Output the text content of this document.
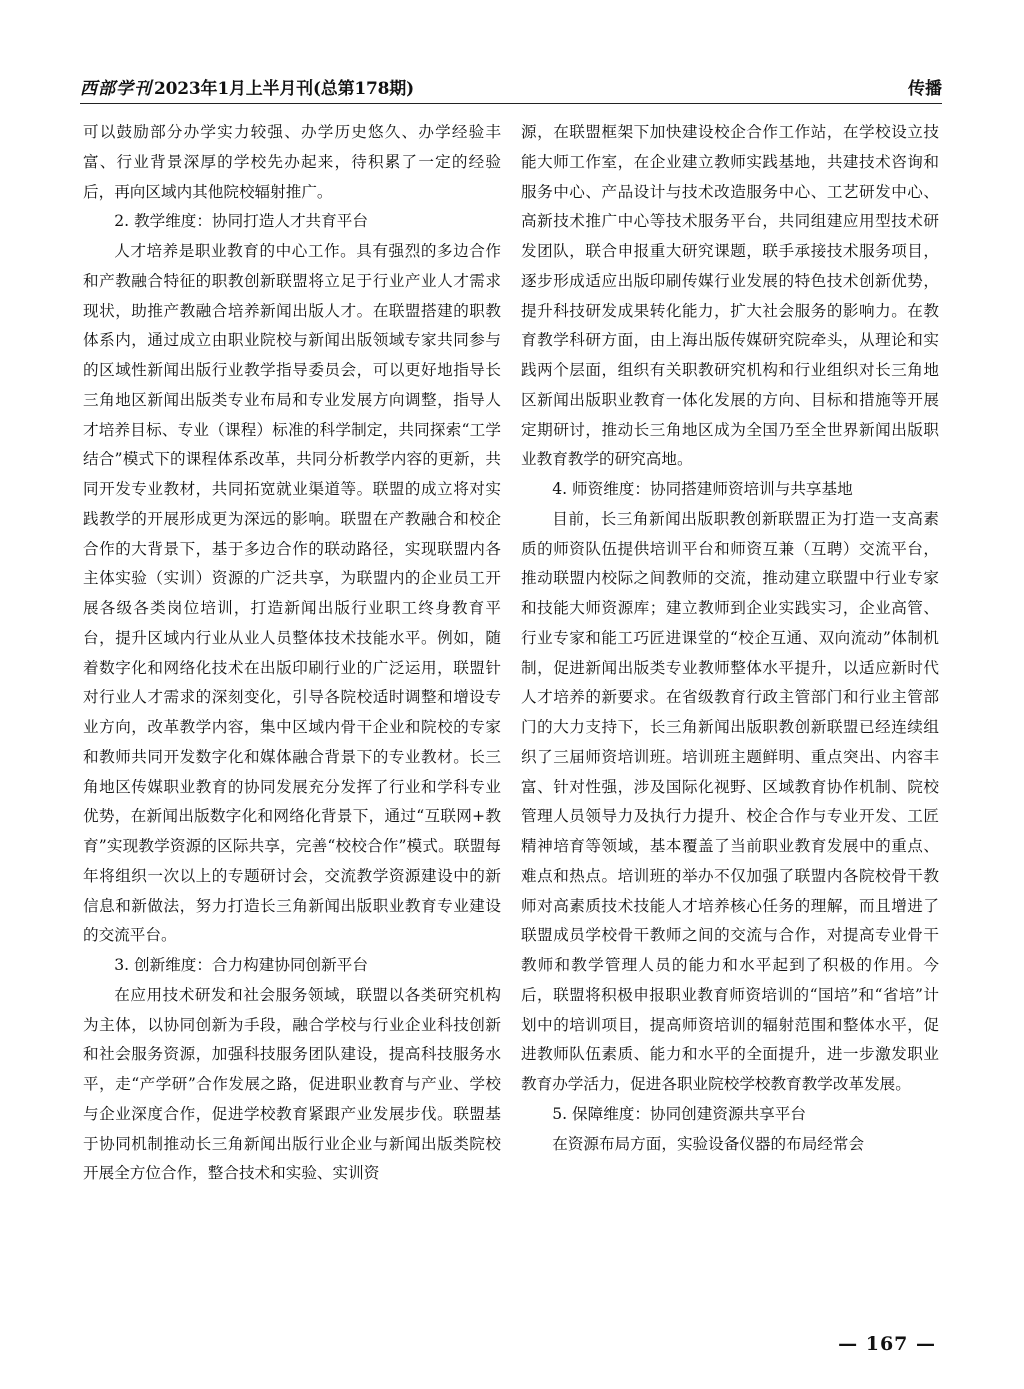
西部学刊 2023年1月上半月刊(总第178期)	传播

可以鼓励部分办学实力较强、办学历史悠久、办学经验丰富、行业背景深厚的学校先办起来，待积累了一定的经验后，再向区域内其他院校辐射推广。

2. 教学维度：协同打造人才共育平台

人才培养是职业教育的中心工作。具有强烈的多边合作和产教融合特征的职教创新联盟将立足于行业产业人才需求现状，助推产教融合培养新闻出版人才。在联盟搭建的职教体系内，通过成立由职业院校与新闻出版领域专家共同参与的区域性新闻出版行业教学指导委员会，可以更好地指导长三角地区新闻出版类专业布局和专业发展方向调整，指导人才培养目标、专业（课程）标准的科学制定，共同探索“工学结合”模式下的课程体系改革，共同分析教学内容的更新，共同开发专业教材，共同拓宽就业渠道等。联盟的成立将对实践教学的开展形成更为深远的影响。联盟在产教融合和校企合作的大背景下，基于多边合作的联动路径，实现联盟内各主体实验（实训）资源的广泛共享，为联盟内的企业员工开展各级各类岗位培训，打造新闻出版行业职工终身教育平台，提升区域内行业从业人员整体技术技能水平。例如，随着数字化和网络化技术在出版印刷行业的广泛运用，联盟针对行业人才需求的深刻变化，引导各院校适时调整和增设专业方向，改革教学内容，集中区域内骨干企业和院校的专家和教师共同开发数字化和媒体融合背景下的专业教材。长三角地区传媒职业教育的协同发展充分发挥了行业和学科专业优势，在新闻出版数字化和网络化背景下，通过“互联网+教育”实现教学资源的区际共享，完善“校校合作”模式。联盟每年将组织一次以上的专题研讨会，交流教学资源建设中的新信息和新做法，努力打造长三角新闻出版职业教育专业建设的交流平台。

3. 创新维度：合力构建协同创新平台

在应用技术研发和社会服务领域，联盟以各类研究机构为主体，以协同创新为手段，融合学校与行业企业科技创新和社会服务资源，加强科技服务团队建设，提高科技服务水平，走“产学研”合作发展之路，促进职业教育与产业、学校与企业深度合作，促进学校教育紧跟产业发展步伐。联盟基于协同机制推动长三角新闻出版行业企业与新闻出版类院校开展全方位合作，整合技术和实验、实训资

源，在联盟框架下加快建设校企合作工作站，在学校设立技能大师工作室，在企业建立教师实践基地，共建技术咨询和服务中心、产品设计与技术改造服务中心、工艺研发中心、高新技术推广中心等技术服务平台，共同组建应用型技术研发团队，联合申报重大研究课题，联手承接技术服务项目，逐步形成适应出版印刷传媒行业发展的特色技术创新优势，提升科技研发成果转化能力，扩大社会服务的影响力。在教育教学科研方面，由上海出版传媒研究院牵头，从理论和实践两个层面，组织有关职教研究机构和行业组织对长三角地区新闻出版职业教育一体化发展的方向、目标和措施等开展定期研讨，推动长三角地区成为全国乃至全世界新闻出版职业教育教学的研究高地。

4. 师资维度：协同搭建师资培训与共享基地

目前，长三角新闻出版职教创新联盟正为打造一支高素质的师资队伍提供培训平台和师资互兼（互聘）交流平台，推动联盟内校际之间教师的交流，推动建立联盟中行业专家和技能大师资源库；建立教师到企业实践实习，企业高管、行业专家和能工巧匠进课堂的“校企互通、双向流动”体制机制，促进新闻出版类专业教师整体水平提升，以适应新时代人才培养的新要求。在省级教育行政主管部门和行业主管部门的大力支持下，长三角新闻出版职教创新联盟已经连续组织了三届师资培训班。培训班主题鲜明、重点突出、内容丰富、针对性强，涉及国际化视野、区域教育协作机制、院校管理人员领导力及执行力提升、校企合作与专业开发、工匠精神培育等领域，基本覆盖了当前职业教育发展中的重点、难点和热点。培训班的举办不仅加强了联盟内各院校骨干教师对高素质技术技能人才培养核心任务的理解，而且增进了联盟成员学校骨干教师之间的交流与合作，对提高专业骨干教师和教学管理人员的能力和水平起到了积极的作用。今后，联盟将积极申报职业教育师资培训的“国培”和“省培”计划中的培训项目，提高师资培训的辐射范围和整体水平，促进教师队伍素质、能力和水平的全面提升，进一步激发职业教育办学活力，促进各职业院校学校教育教学改革发展。

5. 保障维度：协同创建资源共享平台

在资源布局方面，实验设备仪器的布局经常会

— 167 —
